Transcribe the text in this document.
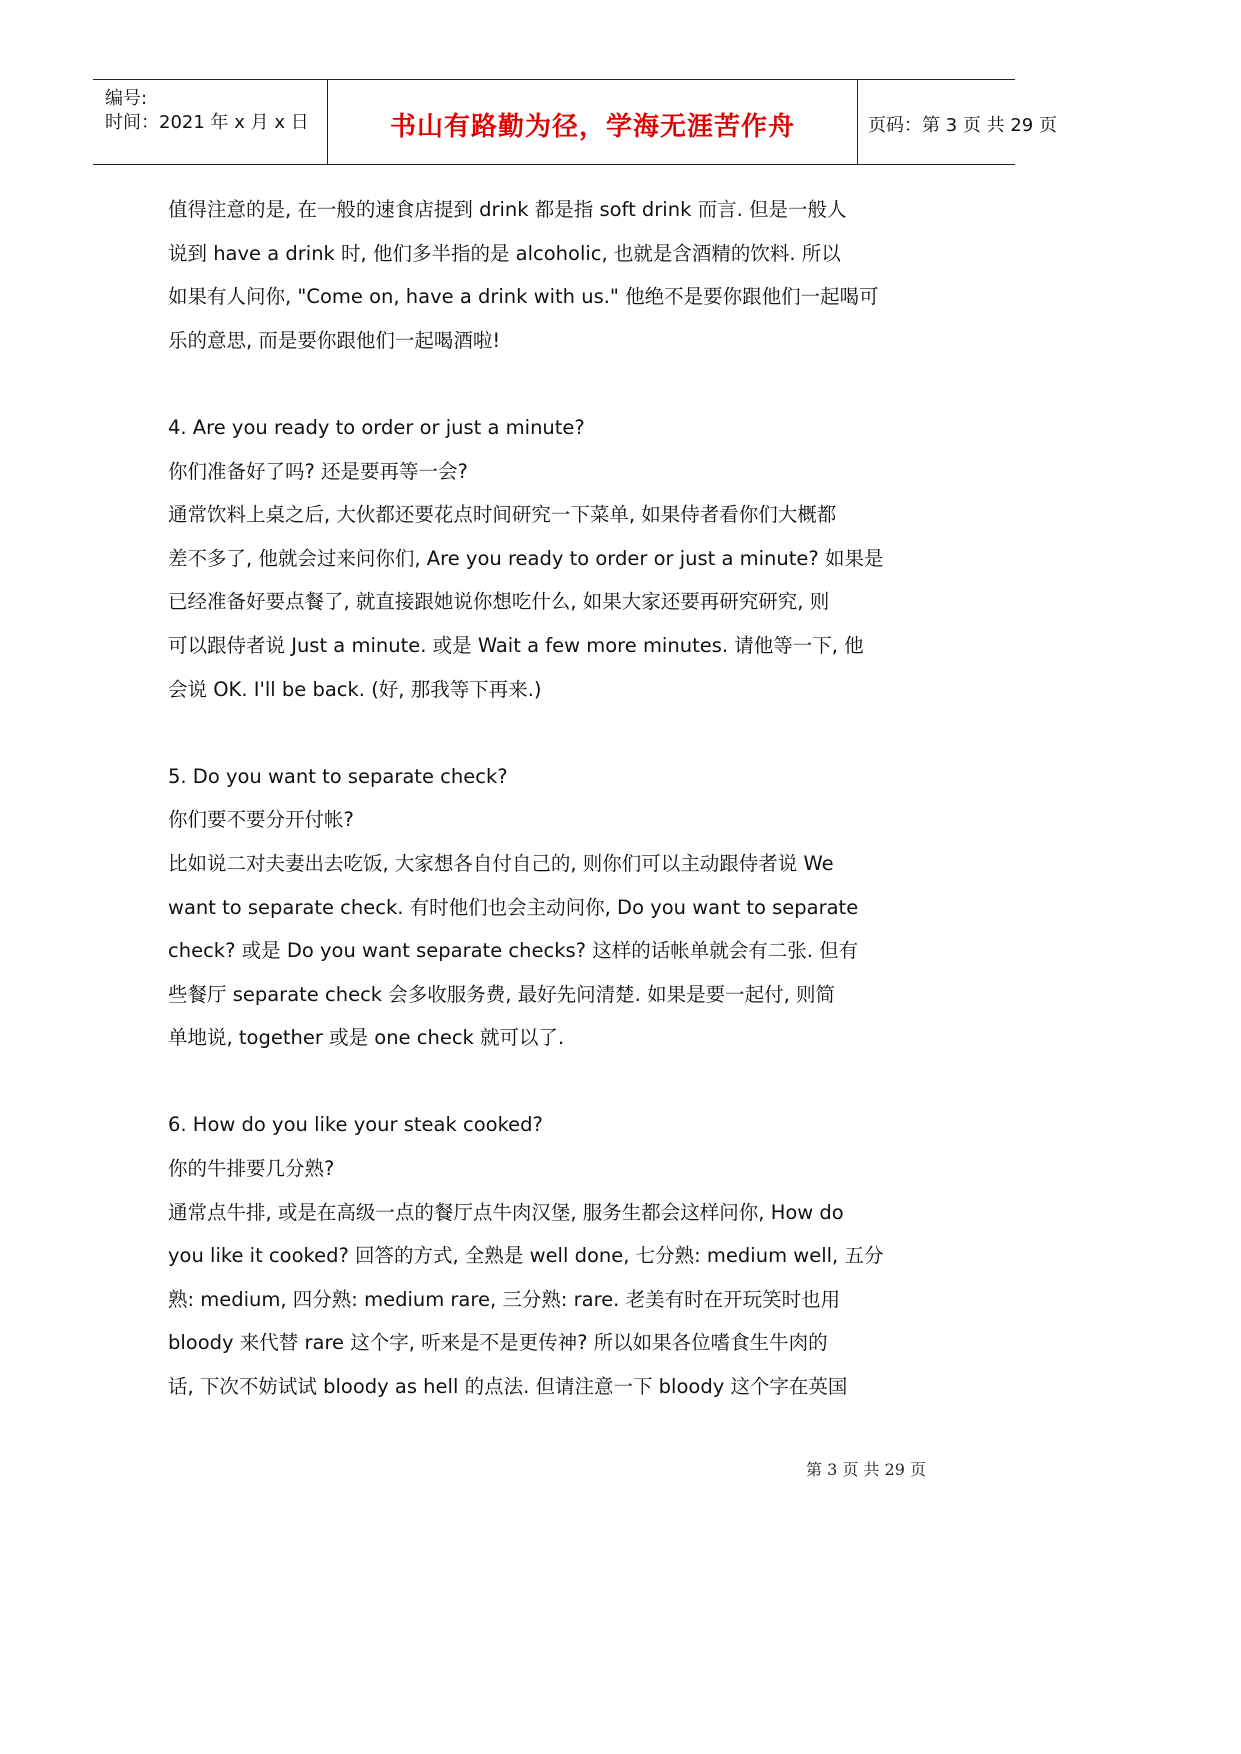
编号:
时间：2021 年 x 月 x 日	书山有路勤为径，学海无涯苦作舟	页码：第 3 页 共 29 页

值得注意的是, 在一般的速食店提到 drink 都是指 soft drink 而言. 但是一般人

说到 have a drink 时, 他们多半指的是 alcoholic, 也就是含酒精的饮料. 所以

如果有人问你, "Come on, have a drink with us." 他绝不是要你跟他们一起喝可

乐的意思, 而是要你跟他们一起喝酒啦!

4. Are you ready to order or just a minute?

你们准备好了吗? 还是要再等一会?

通常饮料上桌之后, 大伙都还要花点时间研究一下菜单, 如果侍者看你们大概都

差不多了, 他就会过来问你们, Are you ready to order or just a minute? 如果是

已经准备好要点餐了, 就直接跟她说你想吃什么, 如果大家还要再研究研究, 则

可以跟侍者说 Just a minute. 或是 Wait a few more minutes. 请他等一下, 他

会说 OK. I'll be back. (好, 那我等下再来.)

5. Do you want to separate check?

你们要不要分开付帐?

比如说二对夫妻出去吃饭, 大家想各自付自己的, 则你们可以主动跟侍者说 We

want to separate check. 有时他们也会主动问你, Do you want to separate

check? 或是 Do you want separate checks? 这样的话帐单就会有二张. 但有

些餐厅 separate check 会多收服务费, 最好先问清楚. 如果是要一起付, 则简

单地说, together 或是 one check 就可以了.

6. How do you like your steak cooked?

你的牛排要几分熟?

通常点牛排, 或是在高级一点的餐厅点牛肉汉堡, 服务生都会这样问你, How do

you like it cooked? 回答的方式, 全熟是 well done, 七分熟: medium well, 五分

熟: medium, 四分熟: medium rare, 三分熟: rare. 老美有时在开玩笑时也用

bloody 来代替 rare 这个字, 听来是不是更传神? 所以如果各位嗜食生牛肉的

话, 下次不妨试试 bloody as hell 的点法. 但请注意一下 bloody 这个字在英国

第 3 页 共 29 页
